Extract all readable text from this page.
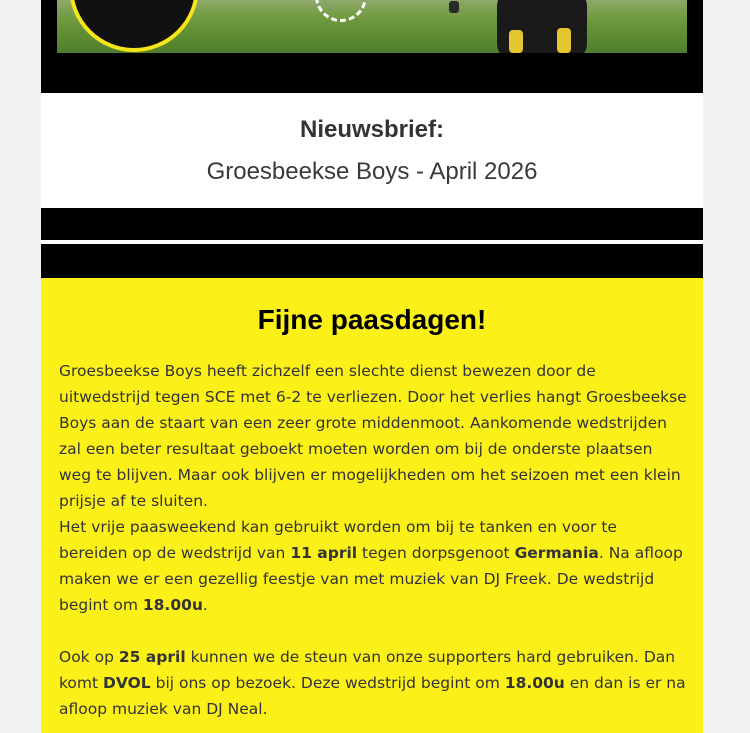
Nieuwsbrief:
Groesbeekse Boys - April 2026
Fijne paasdagen!

Groesbeekse Boys heeft zichzelf een slechte dienst bewezen door de uitwedstrijd tegen SCE met 6-2 te verliezen. Door het verlies hangt Groesbeekse Boys aan de staart van een zeer grote middenmoot. Aankomende wedstrijden zal een beter resultaat geboekt moeten worden om bij de onderste plaatsen weg te blijven. Maar ook blijven er mogelijkheden om het seizoen met een klein prijsje af te sluiten.

Het vrije paasweekend kan gebruikt worden om bij te tanken en voor te bereiden op de wedstrijd van 11 april tegen dorpsgenoot Germania. Na afloop maken we er een gezellig feestje van met muziek van DJ Freek. De wedstrijd begint om 18.00u.

Ook op 25 april kunnen we de steun van onze supporters hard gebruiken. Dan komt DVOL bij ons op bezoek. Deze wedstrijd begint om 18.00u en dan is er na afloop muziek van DJ Neal.
